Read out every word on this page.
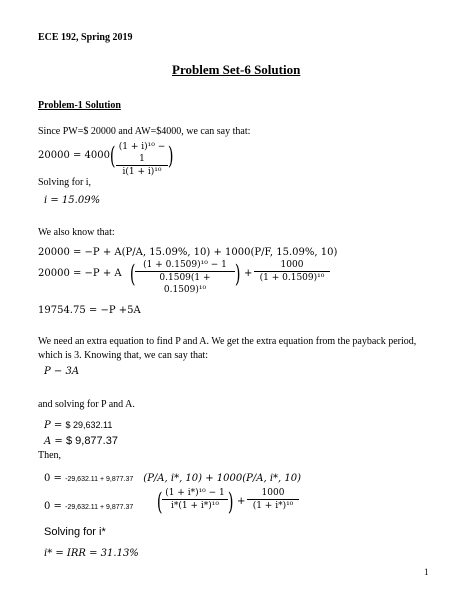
ECE 192, Spring 2019
Problem Set-6 Solution
Problem-1 Solution
Since PW=$ 20000 and AW=$4000, we can say that:
20000 = 4000 ( (1 + i)¹⁰ − 1
i(1 + i)¹⁰
)
Solving for i,
i = 15.09%
We also know that:
20000 = −P + A(P/A, 15.09%, 10) + 1000(P/F, 15.09%, 10)
20000 = −P + A ( (1 + 0.1509)¹⁰ − 1
0.1509(1 + 0.1509)¹⁰
) +
1000
(1 + 0.1509)¹⁰
19754.75 = −P +5A
We need an extra equation to find P and A. We get the extra equation from the payback period,
which is 3. Knowing that, we can say that:
P − 3A
and solving for P and A.
P = $ 29,632.11
A = $ 9,877.37
Then,
0 = -29,632.11 + 9,877.37 (P/A, i*, 10) + 1000(P/A, i*, 10)
0 = -29,632.11 + 9,877.37 ( (1 + i*)¹⁰ − 1
i*(1 + i*)¹⁰ ) +
1000
(1 + i*)¹⁰
Solving for i*
i* = IRR = 31.13%
1
